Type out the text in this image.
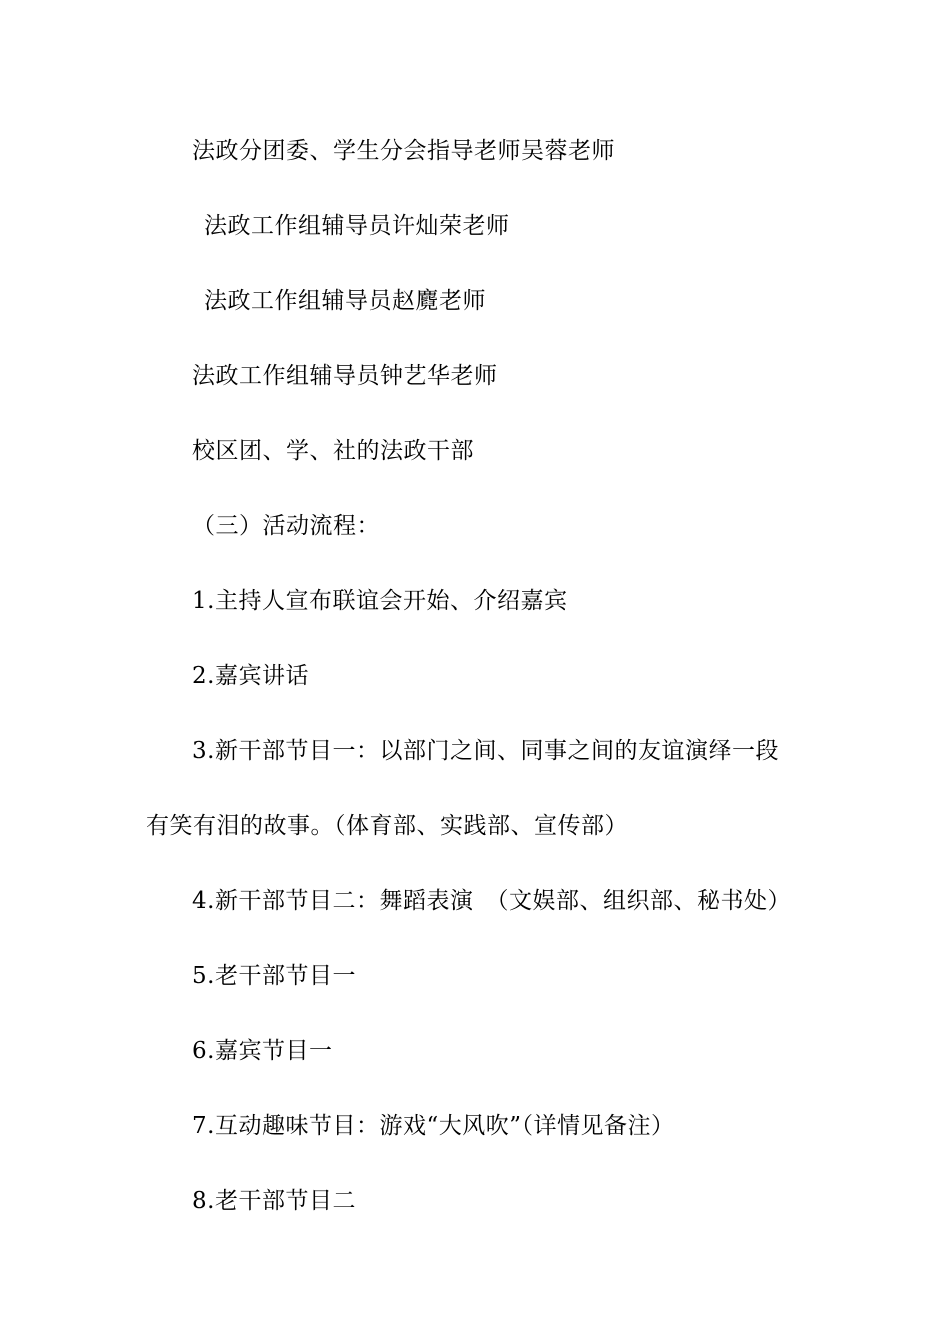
法政分团委、学生分会指导老师吴蓉老师
法政工作组辅导员许灿荣老师
法政工作组辅导员赵麑老师
法政工作组辅导员钟艺华老师
校区团、学、社的法政干部
（三）活动流程：
1.主持人宣布联谊会开始、介绍嘉宾
2.嘉宾讲话
3.新干部节目一：以部门之间、同事之间的友谊演绎一段
有笑有泪的故事。（体育部、实践部、宣传部）
4.新干部节目二：舞蹈表演　（文娱部、组织部、秘书处）
5.老干部节目一
6.嘉宾节目一
7.互动趣味节目：游戏“大风吹”（详情见备注）
8.老干部节目二
